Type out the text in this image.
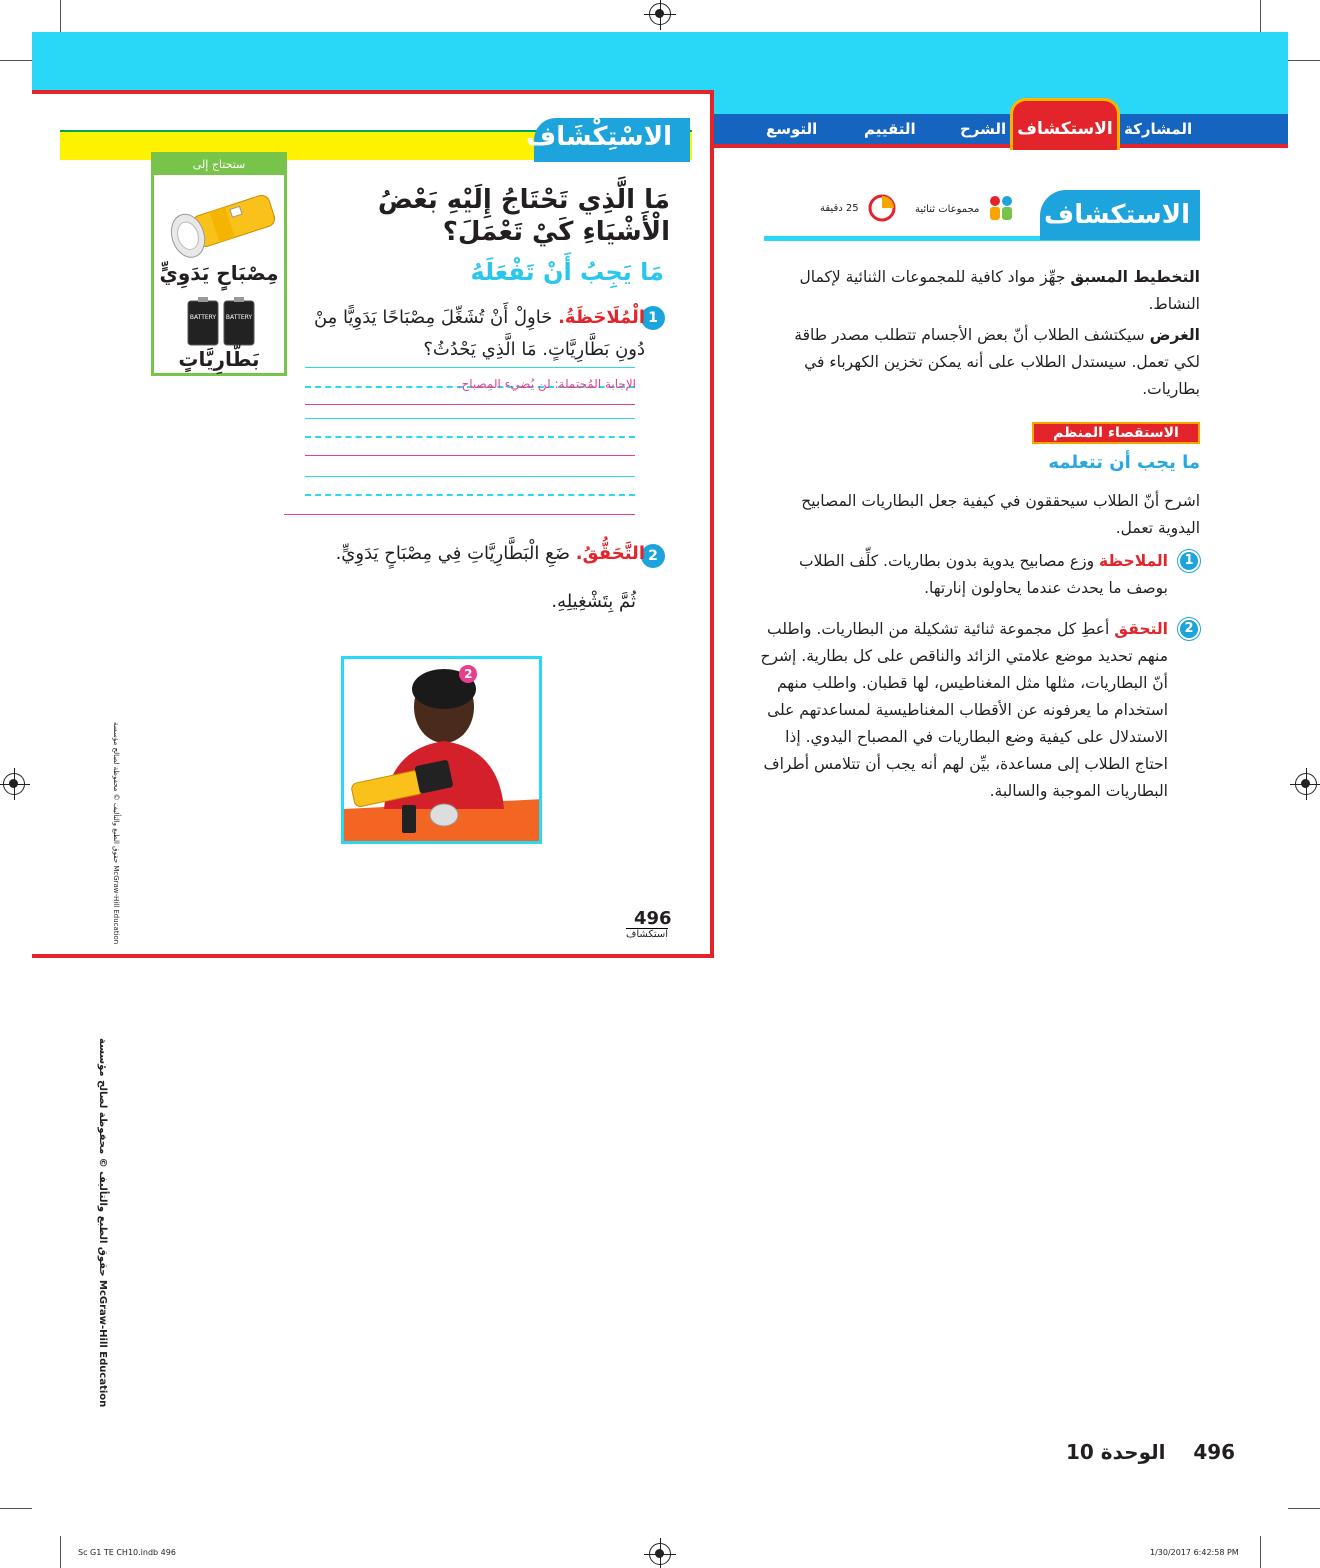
المشاركة
الشرح
التقييم
التوسع	الاستكشاف
الاسْتِكْشَاف
ستحتاج إلى
مِصْبَاحٍ يَدَوِيٍّ
BATTERY BATTERY
بَطَّارِيَّاتٍ
مَا الَّذِي تَحْتَاجُ إِلَيْهِ بَعْضُ الْأَشْيَاءِ كَيْ تَعْمَلَ؟
مَا يَجِبُ أَنْ تَفْعَلَهُ
1
الْمُلَاحَظَةُ. حَاوِلْ أَنْ تُشَغِّلَ مِصْبَاحًا يَدَوِيًّا مِنْ دُونِ بَطَّارِيَّاتٍ. مَا الَّذِي يَحْدُثُ؟
الإجابة المُحتملة: لن يُضيء المِصباح.
2
التَّحَقُّقُ. ضَعِ الْبَطَّارِيَّاتِ فِي مِصْبَاحٍ يَدَوِيٍّ.
ثُمَّ بِتَشْغِيلِهِ.
الخُطوة 2
496
استكشاف
حقوق الطبع والتأليف © محفوظة لصالح مؤسسة McGraw-Hill Education
حقوق الطبع والتأليف © محفوظة لصالح مؤسسة McGraw-Hill Education
الاستكشاف
مجموعات ثنائية
25 دقيقة
التخطيط المسبق جهِّز مواد كافية للمجموعات الثنائية لإكمال النشاط.
الغرض سيكتشف الطلاب أنّ بعض الأجسام تتطلب مصدر طاقة لكي تعمل. سيستدل الطلاب على أنه يمكن تخزين الكهرباء في بطاريات.
الاستقصاء المنظم
ما يجب أن تتعلمه
اشرح أنّ الطلاب سيحققون في كيفية جعل البطاريات المصابيح اليدوية تعمل.
1
الملاحظة وزع مصابيح يدوية بدون بطاريات. كلِّف الطلاب بوصف ما يحدث عندما يحاولون إنارتها.
2
التحقق أعطِ كل مجموعة ثنائية تشكيلة من البطاريات. واطلب منهم تحديد موضع علامتي الزائد والناقص على كل بطارية. إشرح أنّ البطاريات، مثلها مثل المغناطيس، لها قطبان. واطلب منهم استخدام ما يعرفونه عن الأقطاب المغناطيسية لمساعدتهم على الاستدلال على كيفية وضع البطاريات في المصباح اليدوي. إذا احتاج الطلاب إلى مساعدة، بيِّن لهم أنه يجب أن تتلامس أطراف البطاريات الموجبة والسالبة.
496    الوحدة 10
Sc G1 TE CH10.indb 496	1/30/2017 6:42:58 PM
